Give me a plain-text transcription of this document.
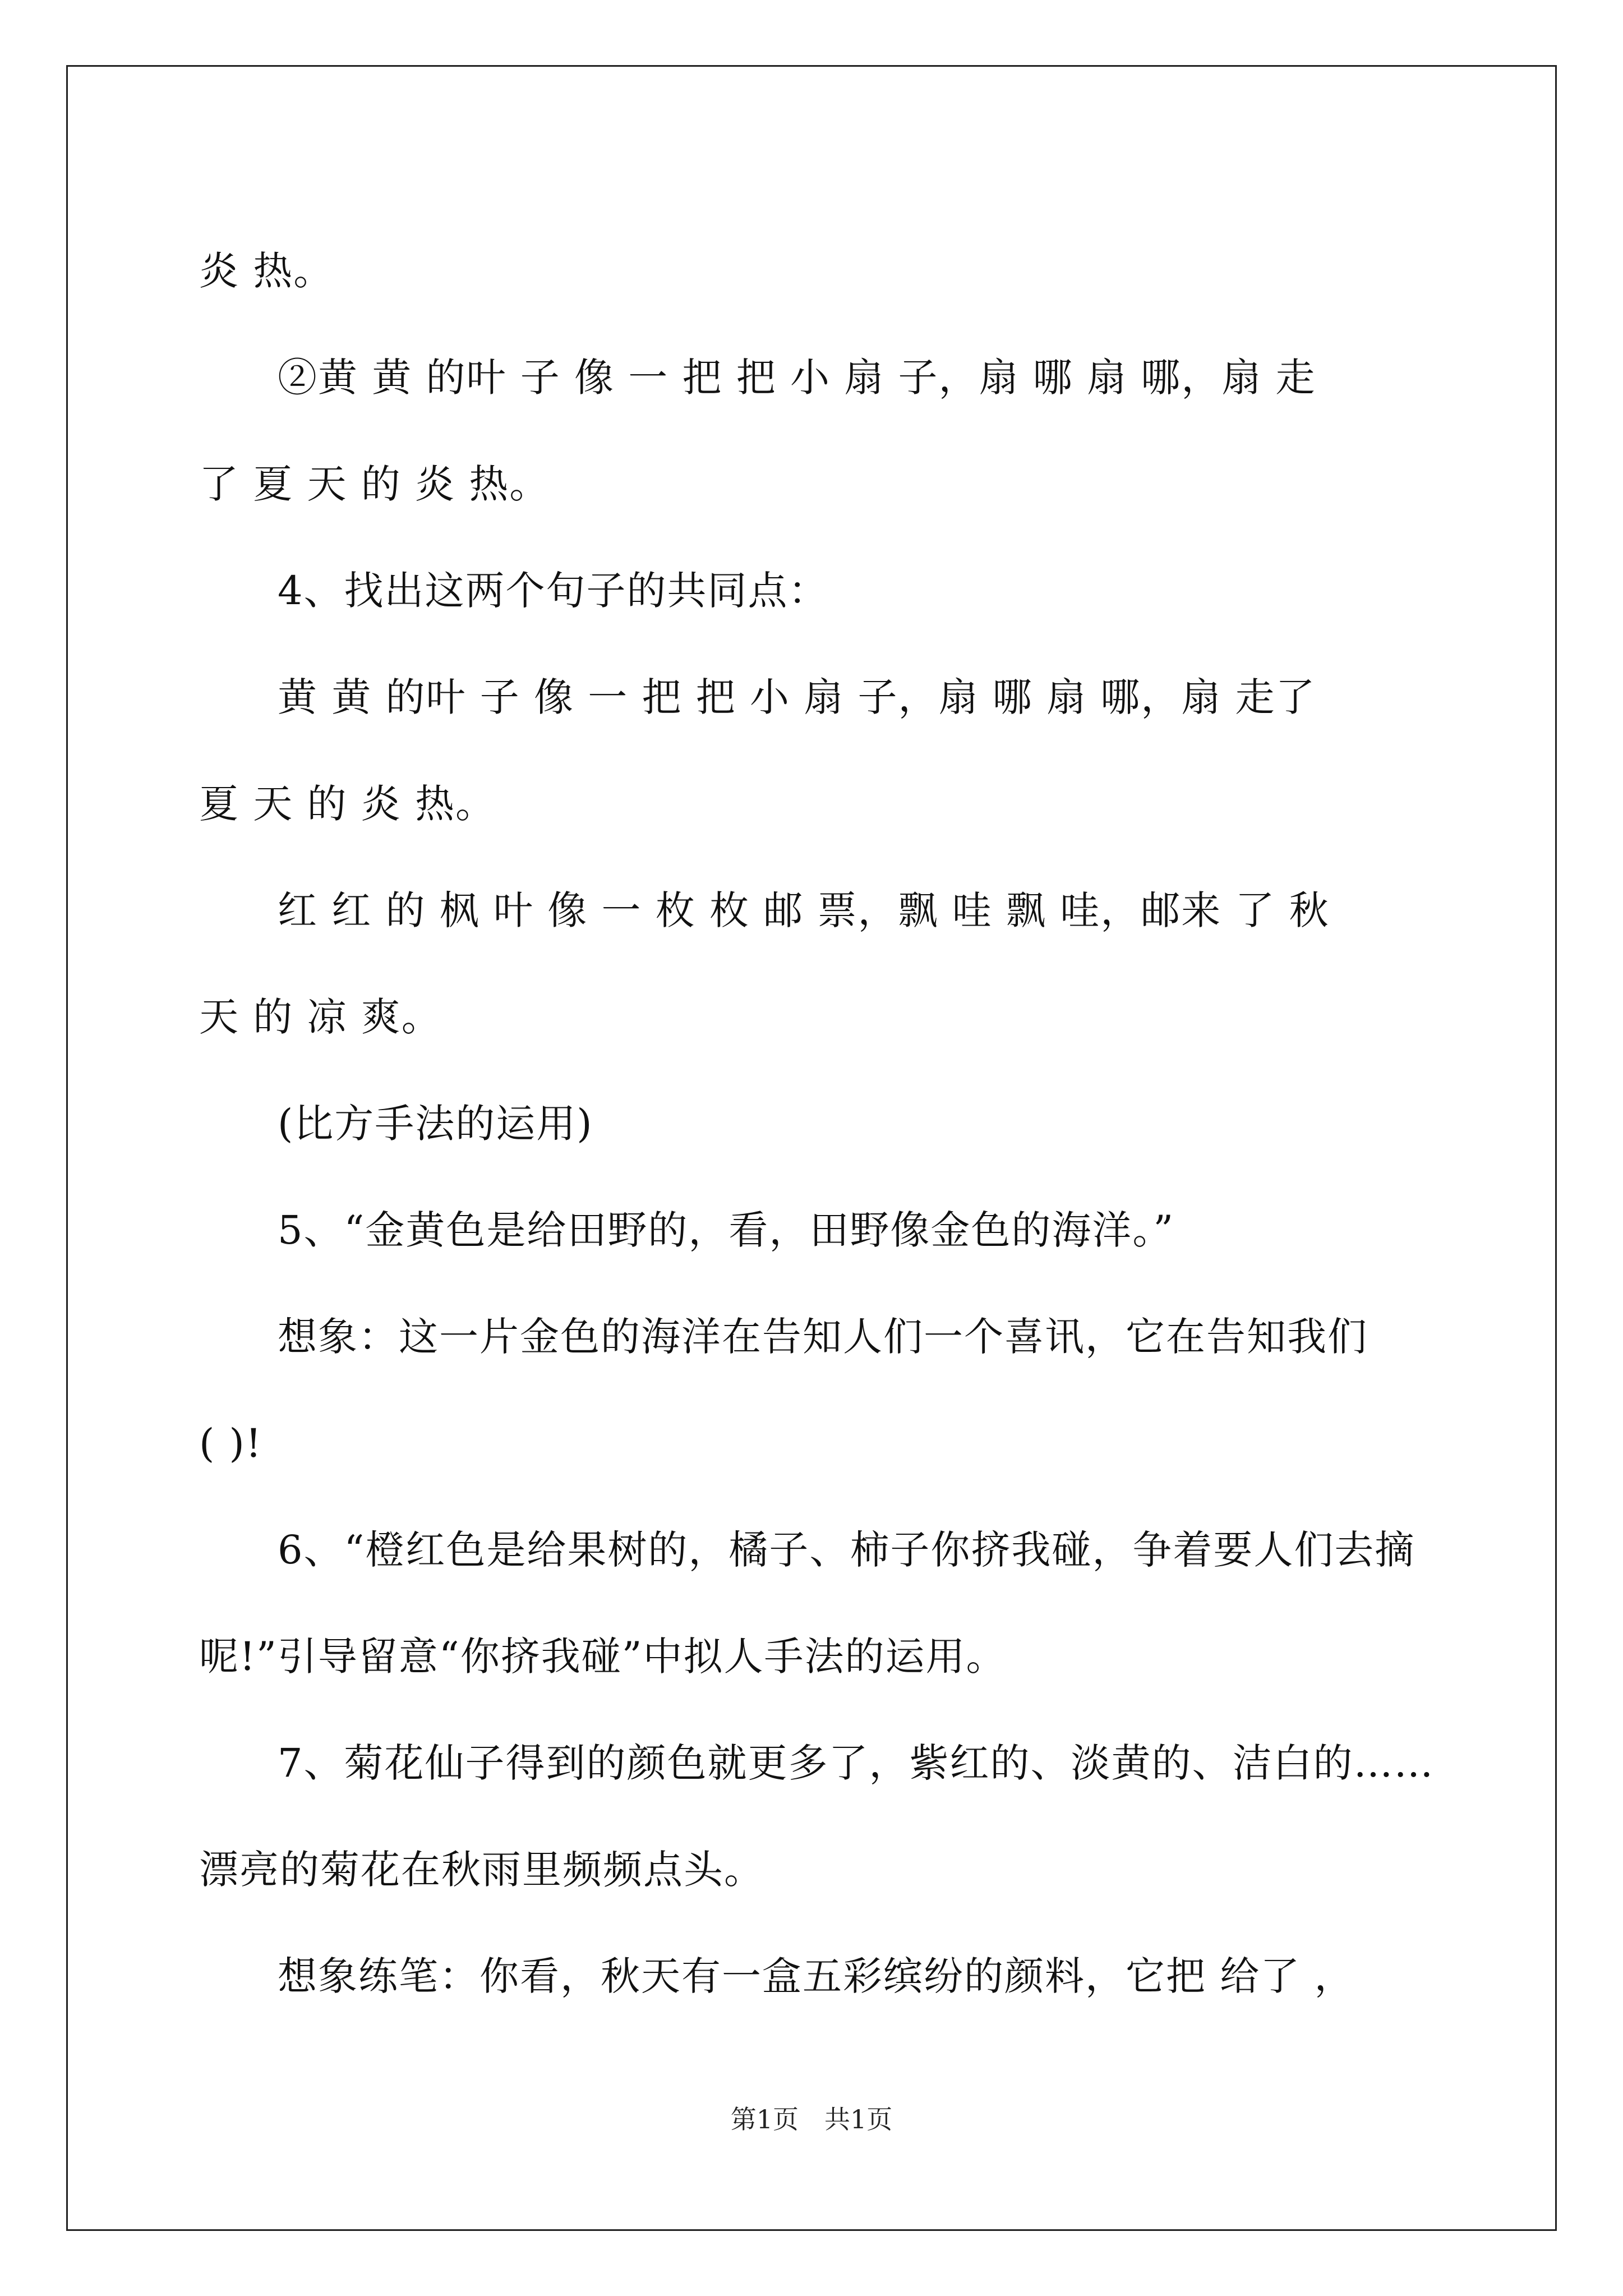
炎 热。
②黄 黄 的叶 子 像 一 把 把 小 扇 子，扇 哪 扇 哪，扇 走
了 夏 天 的 炎 热。
4、找出这两个句子的共同点：
黄 黄 的叶 子 像 一 把 把 小 扇 子，扇 哪 扇 哪，扇 走了
夏 天 的 炎 热。
红 红 的 枫 叶 像 一 枚 枚 邮 票，飘 哇 飘 哇，邮来 了 秋
天 的 凉 爽。
(比方手法的运用)
5、“金黄色是给田野的，看，田野像金色的海洋。”
想象：这一片金色的海洋在告知人们一个喜讯，它在告知我们
( )!
6、“橙红色是给果树的，橘子、柿子你挤我碰，争着要人们去摘
呢!”引导留意“你挤我碰”中拟人手法的运用。
7、菊花仙子得到的颜色就更多了，紫红的、淡黄的、洁白的……
漂亮的菊花在秋雨里频频点头。
想象练笔：你看，秋天有一盒五彩缤纷的颜料，它把 给了 ，
第1页　共1页
